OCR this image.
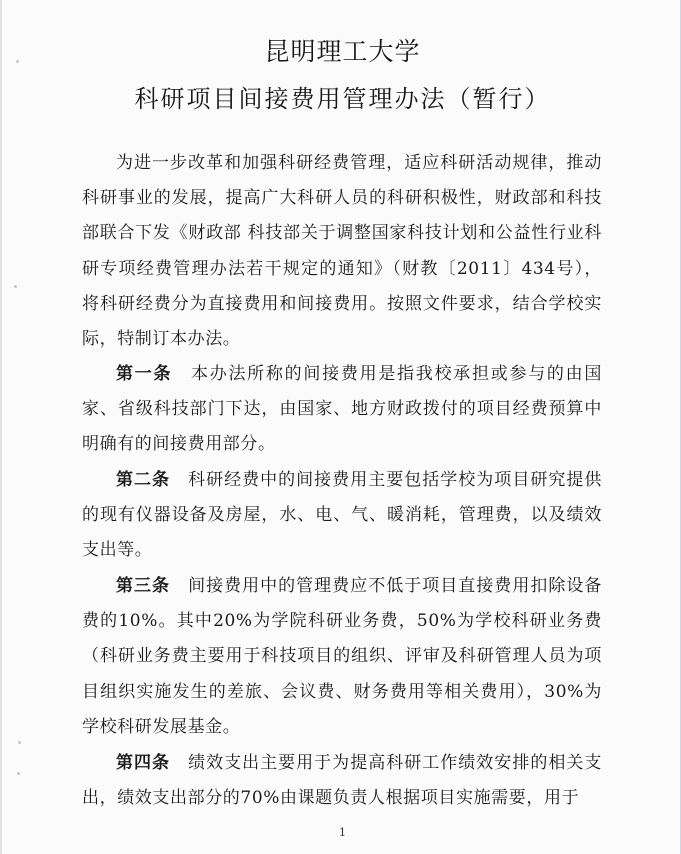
昆明理工大学
科研项目间接费用管理办法（暂行）

为进一步改革和加强科研经费管理，适应科研活动规律，推动科研事业的发展，提高广大科研人员的科研积极性，财政部和科技部联合下发《财政部 科技部关于调整国家科技计划和公益性行业科研专项经费管理办法若干规定的通知》（财教〔2011〕434号），将科研经费分为直接费用和间接费用。按照文件要求，结合学校实际，特制订本办法。

第一条　 本办法所称的间接费用是指我校承担或参与的由国家、省级科技部门下达，由国家、地方财政拨付的项目经费预算中明确有的间接费用部分。

第二条　 科研经费中的间接费用主要包括学校为项目研究提供的现有仪器设备及房屋，水、电、气、暖消耗，管理费，以及绩效支出等。

第三条　 间接费用中的管理费应不低于项目直接费用扣除设备费的10%。其中20%为学院科研业务费，50%为学校科研业务费（科研业务费主要用于科技项目的组织、评审及科研管理人员为项目组织实施发生的差旅、会议费、财务费用等相关费用），30%为学校科研发展基金。

第四条　 绩效支出主要用于为提高科研工作绩效安排的相关支出，绩效支出部分的70%由课题负责人根据项目实施需要，用于

1
